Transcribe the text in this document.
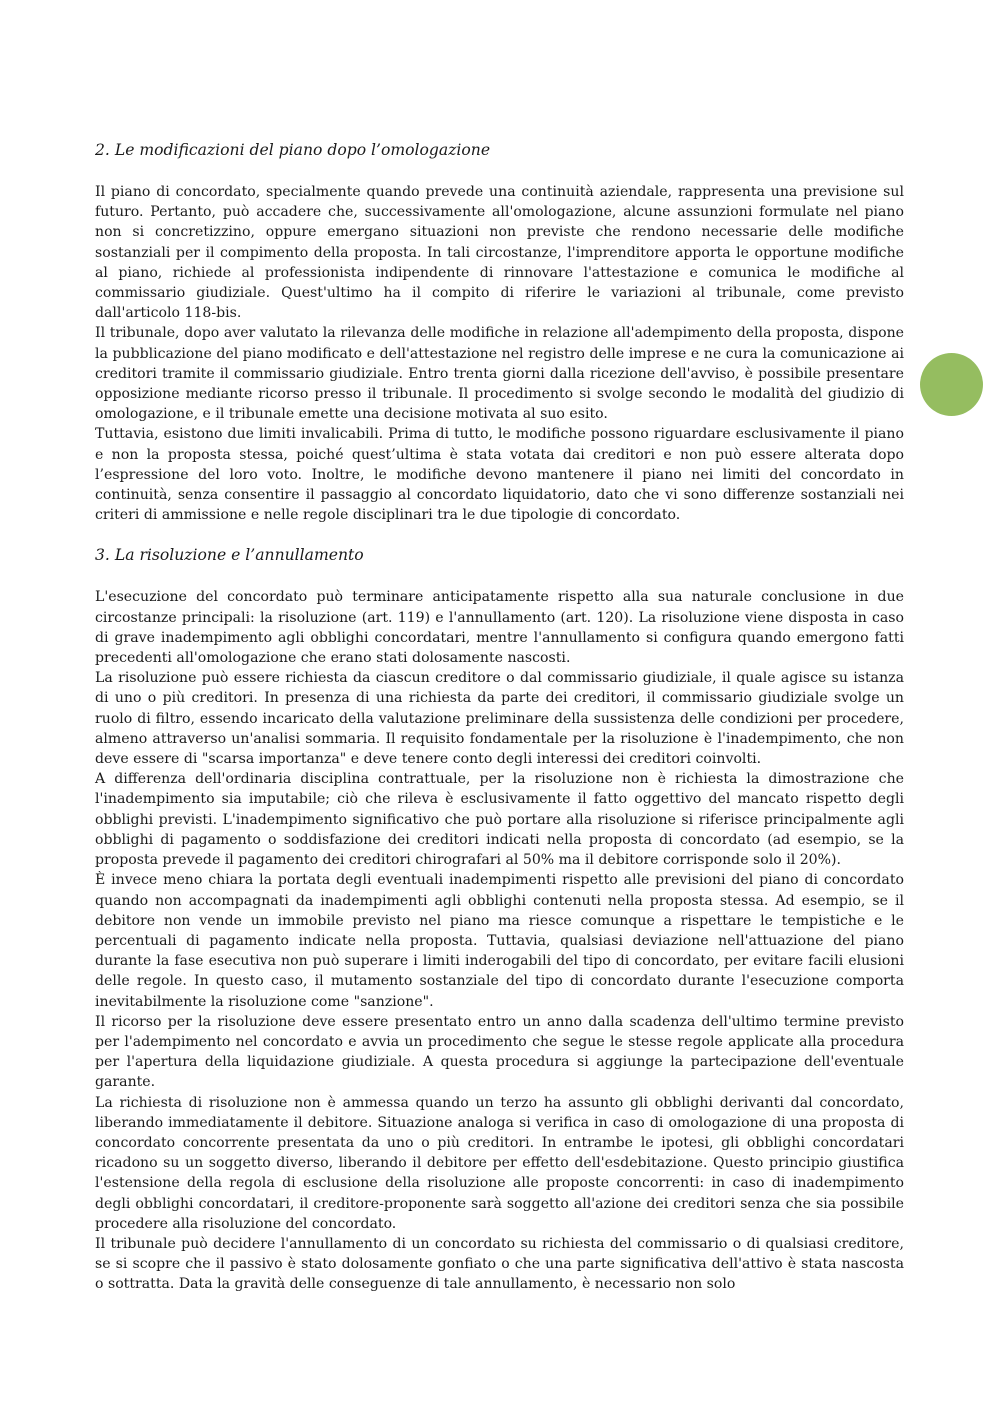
2. Le modificazioni del piano dopo l’omologazione

Il piano di concordato, specialmente quando prevede una continuità aziendale, rappresenta una previsione sul futuro. Pertanto, può accadere che, successivamente all'omologazione, alcune assunzioni formulate nel piano non si concretizzino, oppure emergano situazioni non previste che rendono necessarie delle modifiche sostanziali per il compimento della proposta. In tali circostanze, l'imprenditore apporta le opportune modifiche al piano, richiede al professionista indipendente di rinnovare l'attestazione e comunica le modifiche al commissario giudiziale. Quest'ultimo ha il compito di riferire le variazioni al tribunale, come previsto dall'articolo 118-bis.

Il tribunale, dopo aver valutato la rilevanza delle modifiche in relazione all'adempimento della proposta, dispone la pubblicazione del piano modificato e dell'attestazione nel registro delle imprese e ne cura la comunicazione ai creditori tramite il commissario giudiziale. Entro trenta giorni dalla ricezione dell'avviso, è possibile presentare opposizione mediante ricorso presso il tribunale. Il procedimento si svolge secondo le modalità del giudizio di omologazione, e il tribunale emette una decisione motivata al suo esito.

Tuttavia, esistono due limiti invalicabili. Prima di tutto, le modifiche possono riguardare esclusivamente il piano e non la proposta stessa, poiché quest’ultima è stata votata dai creditori e non può essere alterata dopo l’espressione del loro voto. Inoltre, le modifiche devono mantenere il piano nei limiti del concordato in continuità, senza consentire il passaggio al concordato liquidatorio, dato che vi sono differenze sostanziali nei criteri di ammissione e nelle regole disciplinari tra le due tipologie di concordato.

3. La risoluzione e l’annullamento

L'esecuzione del concordato può terminare anticipatamente rispetto alla sua naturale conclusione in due circostanze principali: la risoluzione (art. 119) e l'annullamento (art. 120). La risoluzione viene disposta in caso di grave inadempimento agli obblighi concordatari, mentre l'annullamento si configura quando emergono fatti precedenti all'omologazione che erano stati dolosamente nascosti.

La risoluzione può essere richiesta da ciascun creditore o dal commissario giudiziale, il quale agisce su istanza di uno o più creditori. In presenza di una richiesta da parte dei creditori, il commissario giudiziale svolge un ruolo di filtro, essendo incaricato della valutazione preliminare della sussistenza delle condizioni per procedere, almeno attraverso un'analisi sommaria. Il requisito fondamentale per la risoluzione è l'inadempimento, che non deve essere di "scarsa importanza" e deve tenere conto degli interessi dei creditori coinvolti.

A differenza dell'ordinaria disciplina contrattuale, per la risoluzione non è richiesta la dimostrazione che l'inadempimento sia imputabile; ciò che rileva è esclusivamente il fatto oggettivo del mancato rispetto degli obblighi previsti. L'inadempimento significativo che può portare alla risoluzione si riferisce principalmente agli obblighi di pagamento o soddisfazione dei creditori indicati nella proposta di concordato (ad esempio, se la proposta prevede il pagamento dei creditori chirografari al 50% ma il debitore corrisponde solo il 20%).

È invece meno chiara la portata degli eventuali inadempimenti rispetto alle previsioni del piano di concordato quando non accompagnati da inadempimenti agli obblighi contenuti nella proposta stessa. Ad esempio, se il debitore non vende un immobile previsto nel piano ma riesce comunque a rispettare le tempistiche e le percentuali di pagamento indicate nella proposta. Tuttavia, qualsiasi deviazione nell'attuazione del piano durante la fase esecutiva non può superare i limiti inderogabili del tipo di concordato, per evitare facili elusioni delle regole. In questo caso, il mutamento sostanziale del tipo di concordato durante l'esecuzione comporta inevitabilmente la risoluzione come "sanzione".

Il ricorso per la risoluzione deve essere presentato entro un anno dalla scadenza dell'ultimo termine previsto per l'adempimento nel concordato e avvia un procedimento che segue le stesse regole applicate alla procedura per l'apertura della liquidazione giudiziale. A questa procedura si aggiunge la partecipazione dell'eventuale garante.

La richiesta di risoluzione non è ammessa quando un terzo ha assunto gli obblighi derivanti dal concordato, liberando immediatamente il debitore. Situazione analoga si verifica in caso di omologazione di una proposta di concordato concorrente presentata da uno o più creditori. In entrambe le ipotesi, gli obblighi concordatari ricadono su un soggetto diverso, liberando il debitore per effetto dell'esdebitazione. Questo principio giustifica l'estensione della regola di esclusione della risoluzione alle proposte concorrenti: in caso di inadempimento degli obblighi concordatari, il creditore-proponente sarà soggetto all'azione dei creditori senza che sia possibile procedere alla risoluzione del concordato.

Il tribunale può decidere l'annullamento di un concordato su richiesta del commissario o di qualsiasi creditore, se si scopre che il passivo è stato dolosamente gonfiato o che una parte significativa dell'attivo è stata nascosta o sottratta. Data la gravità delle conseguenze di tale annullamento, è necessario non solo
